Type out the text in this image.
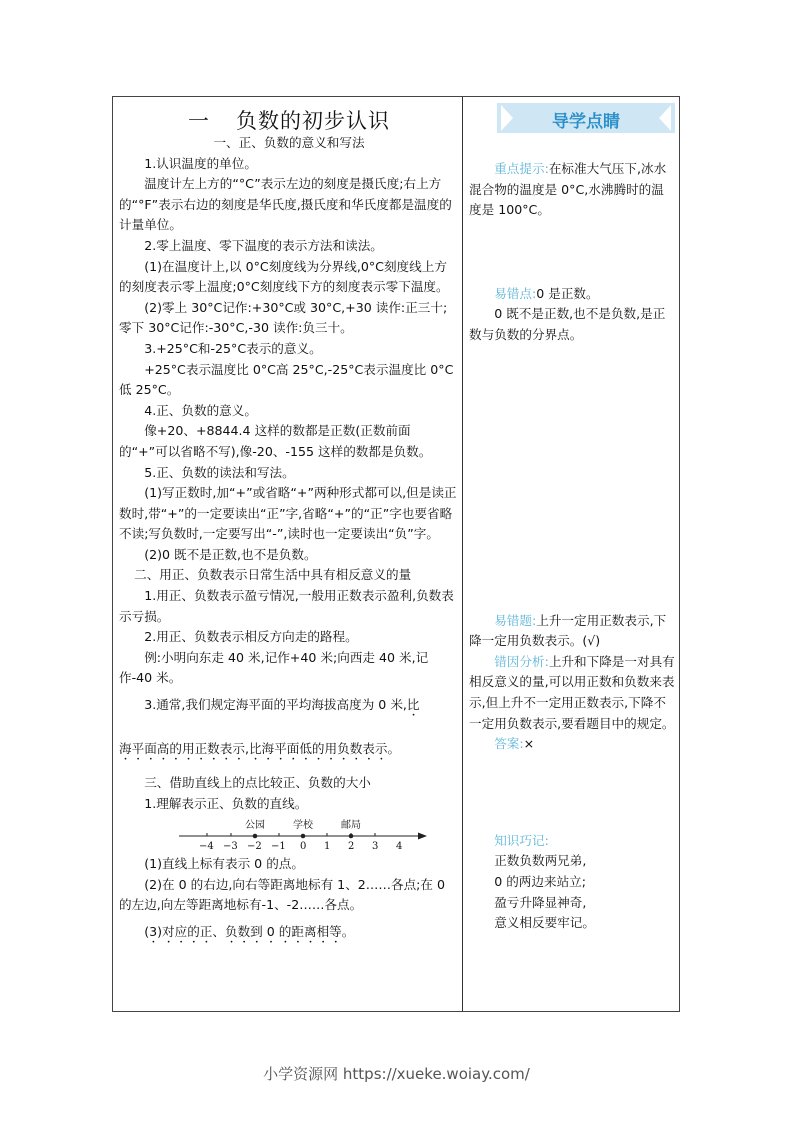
一 负数的初步认识

一、正、负数的意义和写法

1.认识温度的单位。

温度计左上方的“°C”表示左边的刻度是摄氏度;右上方的“°F”表示右边的刻度是华氏度,摄氏度和华氏度都是温度的计量单位。

2.零上温度、零下温度的表示方法和读法。

(1)在温度计上,以 0°C刻度线为分界线,0°C刻度线上方的刻度表示零上温度;0°C刻度线下方的刻度表示零下温度。

(2)零上 30°C记作:+30°C或 30°C,+30 读作:正三十;零下 30°C记作:-30°C,-30 读作:负三十。

3.+25°C和-25°C表示的意义。

+25°C表示温度比 0°C高 25°C,-25°C表示温度比 0°C低 25°C。

4.正、负数的意义。

像+20、+8844.4 这样的数都是正数(正数前面的“+”可以省略不写),像-20、-155 这样的数都是负数。

5.正、负数的读法和写法。

(1)写正数时,加“+”或省略“+”两种形式都可以,但是读正数时,带“+”的一定要读出“正”字,省略“+”的“正”字也要省略不读;写负数时,一定要写出“-”,读时也一定要读出“负”字。

(2)0 既不是正数,也不是负数。

二、用正、负数表示日常生活中具有相反意义的量

1.用正、负数表示盈亏情况,一般用正数表示盈利,负数表示亏损。

2.用正、负数表示相反方向走的路程。

例:小明向东走 40 米,记作+40 米;向西走 40 米,记作-40 米。

3.通常,我们规定海平面的平均海拔高度为 0 米,比

海平面高的用正数表示,比海平面低的用负数表示。

三、借助直线上的点比较正、负数的大小

1.理解表示正、负数的直线。

公园	学校	邮局
−4 −3 −2 −1 0 1 2 3 4

(1)直线上标有表示 0 的点。

(2)在 0 的右边,向右等距离地标有 1、2……各点;在 0 的左边,向左等距离地标有-1、-2……各点。

(3)对应的正、负数到 0 的距离相等。

导学点睛

重点提示:在标准大气压下,冰水混合物的温度是 0°C,水沸腾时的温度是 100°C。

易错点:0 是正数。

0 既不是正数,也不是负数,是正数与负数的分界点。

易错题:上升一定用正数表示,下降一定用负数表示。(√)

错因分析:上升和下降是一对具有相反意义的量,可以用正数和负数来表示,但上升不一定用正数表示,下降不一定用负数表示,要看题目中的规定。

答案:×

知识巧记:

正数负数两兄弟,

0 的两边来站立;

盈亏升降显神奇,

意义相反要牢记。

小学资源网 https://xueke.woiay.com/
